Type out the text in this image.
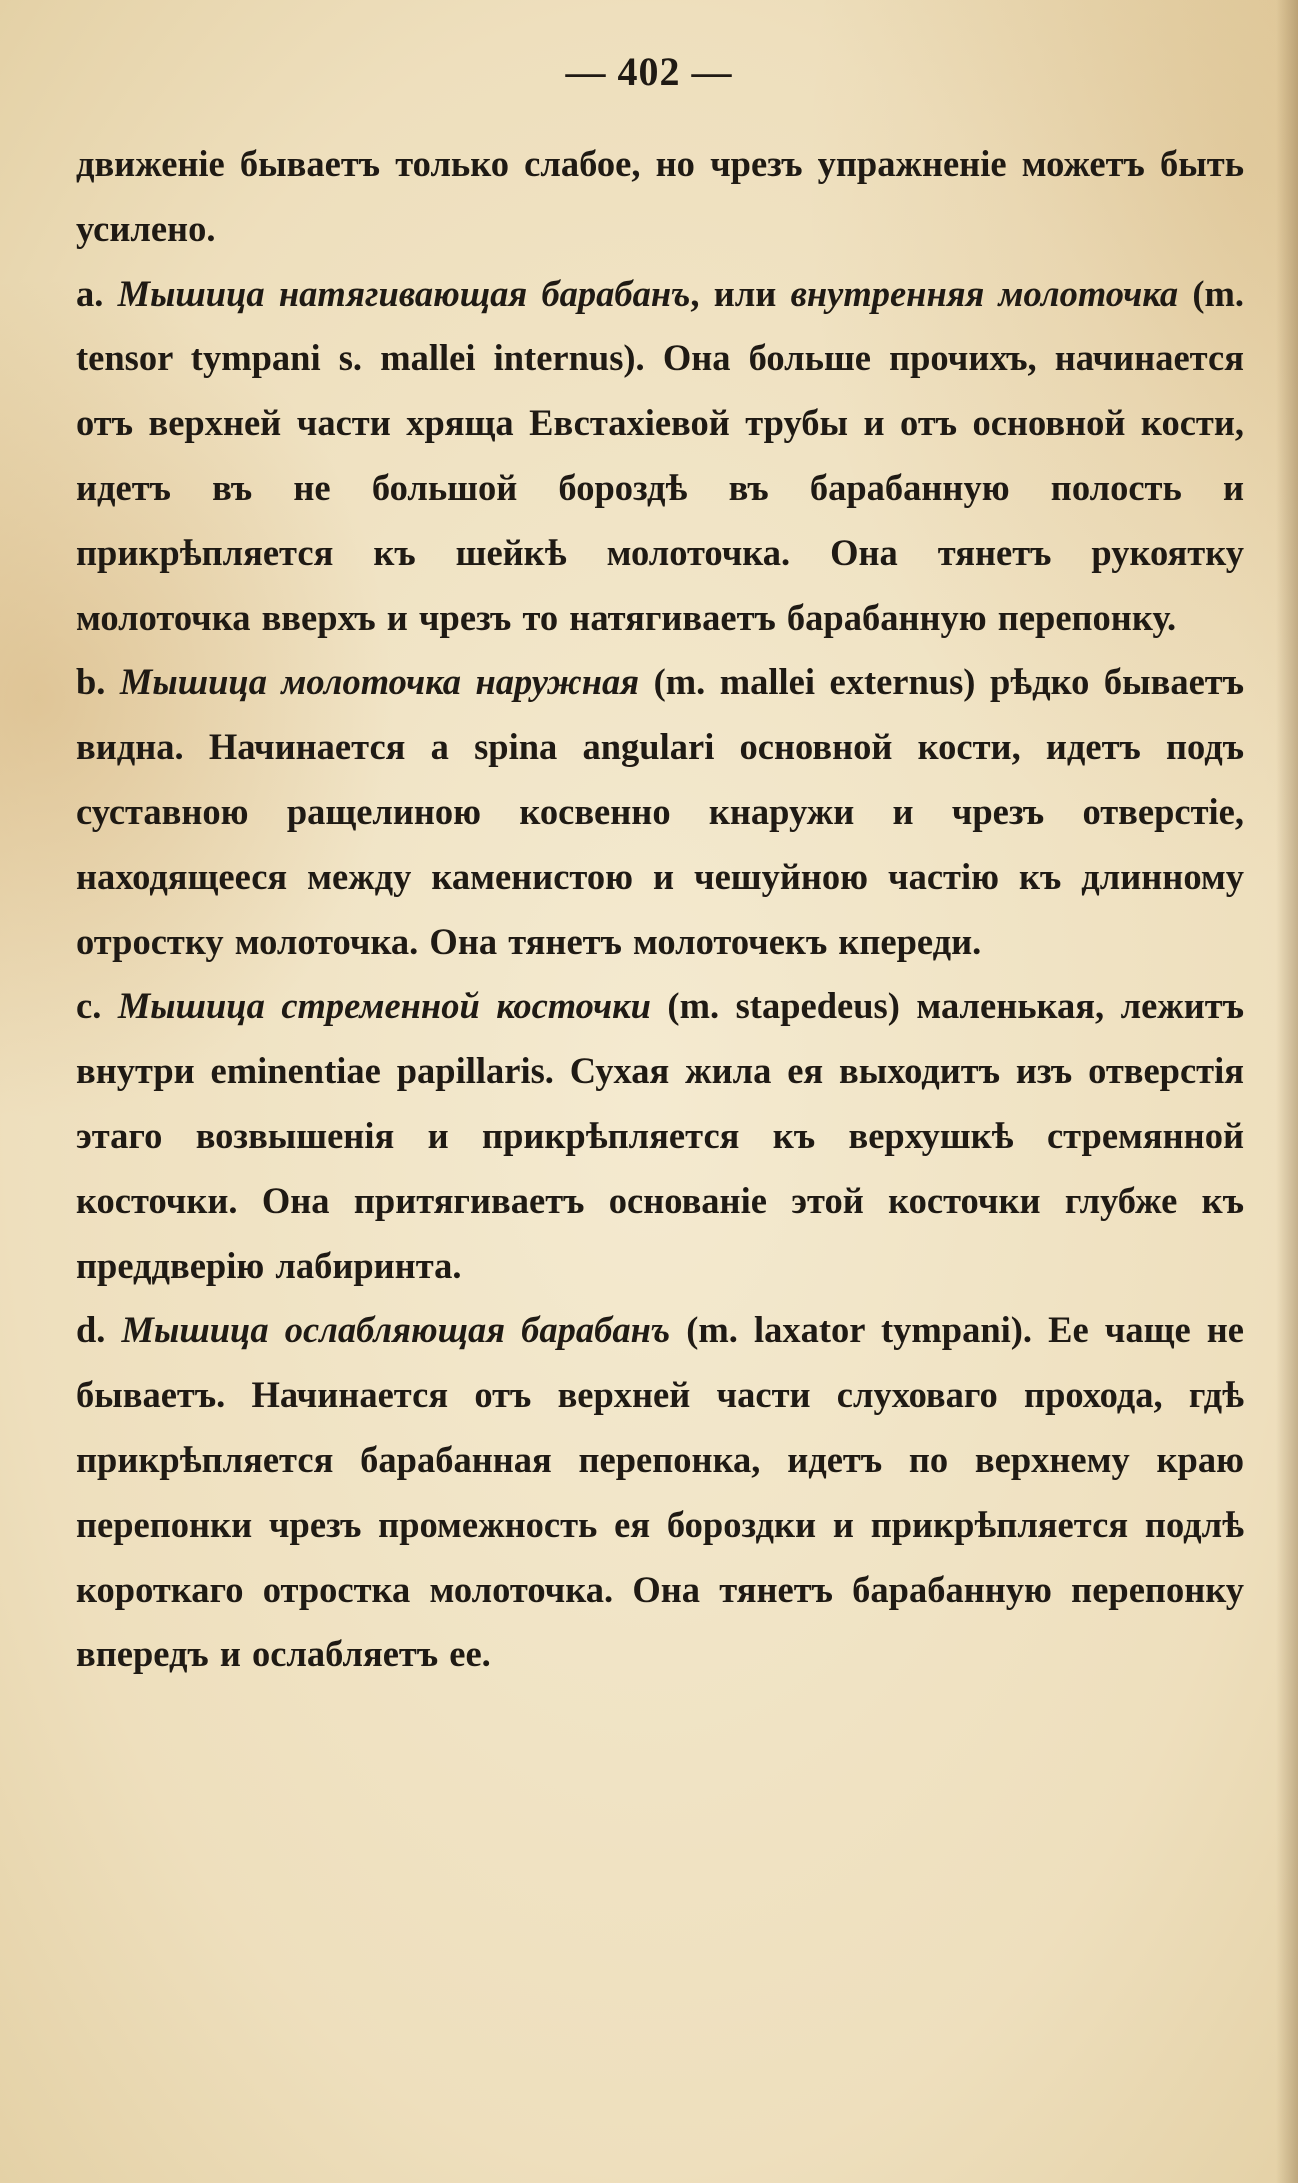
— 402 —

движенiе бываетъ только слабое, но чрезъ упражненiе можетъ быть усилено.

a. Мышица натягивающая барабанъ, или внутренняя молоточка (m. tensor tympani s. mallei internus). Она больше прочихъ, начинается отъ верхней части хряща Евстахiевой трубы и отъ основной кости, идетъ въ не большой бороздѣ въ барабанную полость и прикрѣпляется къ шейкѣ молоточка. Она тянетъ рукоятку молоточка вверхъ и чрезъ то натягиваетъ барабанную перепонку.

b. Мышица молоточка наружная (m. mallei externus) рѣдко бываетъ видна. Начинается a spina angulari основной кости, идетъ подъ суставною ращелиною косвенно кнаружи и чрезъ отверстiе, находящееся между каменистою и чешуйною частiю къ длинному отростку молоточка. Она тянетъ молоточекъ кпереди.

c. Мышица стременной косточки (m. stapedeus) маленькая, лежитъ внутри eminentiae papillaris. Сухая жила ея выходитъ изъ отверстiя этаго возвышенiя и прикрѣпляется къ верхушкѣ стремянной косточки. Она притягиваетъ основанiе этой косточки глубже къ преддверiю лабиринта.

d. Мышица ослабляющая барабанъ (m. laxator tympani). Ее чаще не бываетъ. Начинается отъ верхней части слуховаго прохода, гдѣ прикрѣпляется барабанная перепонка, идетъ по верхнему краю перепонки чрезъ промежность ея бороздки и прикрѣпляется подлѣ короткаго отростка молоточка. Она тянетъ барабанную перепонку впередъ и ослабляетъ ее.
